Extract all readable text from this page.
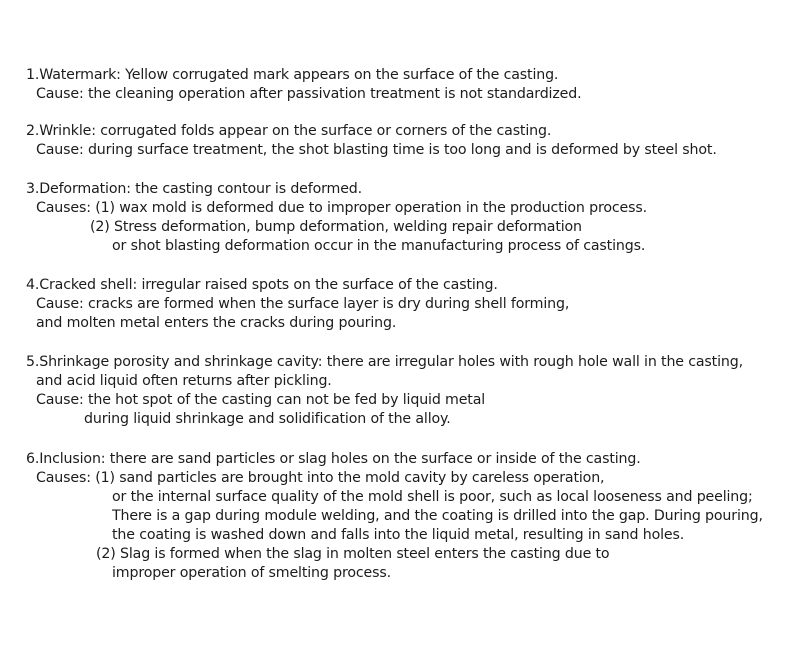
1.Watermark: Yellow corrugated mark appears on the surface of the casting.
Cause: the cleaning operation after passivation treatment is not standardized.
2.Wrinkle: corrugated folds appear on the surface or corners of the casting.
Cause: during surface treatment, the shot blasting time is too long and is deformed by steel shot.
3.Deformation: the casting contour is deformed.
Causes: (1) wax mold is deformed due to improper operation in the production process.
(2) Stress deformation, bump deformation, welding repair deformation
or shot blasting deformation occur in the manufacturing process of castings.
4.Cracked shell: irregular raised spots on the surface of the casting.
Cause: cracks are formed when the surface layer is dry during shell forming,
and molten metal enters the cracks during pouring.
5.Shrinkage porosity and shrinkage cavity: there are irregular holes with rough hole wall in the casting,
and acid liquid often returns after pickling.
Cause: the hot spot of the casting can not be fed by liquid metal
during liquid shrinkage and solidification of the alloy.
6.Inclusion: there are sand particles or slag holes on the surface or inside of the casting.
Causes: (1) sand particles are brought into the mold cavity by careless operation,
or the internal surface quality of the mold shell is poor, such as local looseness and peeling;
There is a gap during module welding, and the coating is drilled into the gap. During pouring,
the coating is washed down and falls into the liquid metal, resulting in sand holes.
(2) Slag is formed when the slag in molten steel enters the casting due to
improper operation of smelting process.
